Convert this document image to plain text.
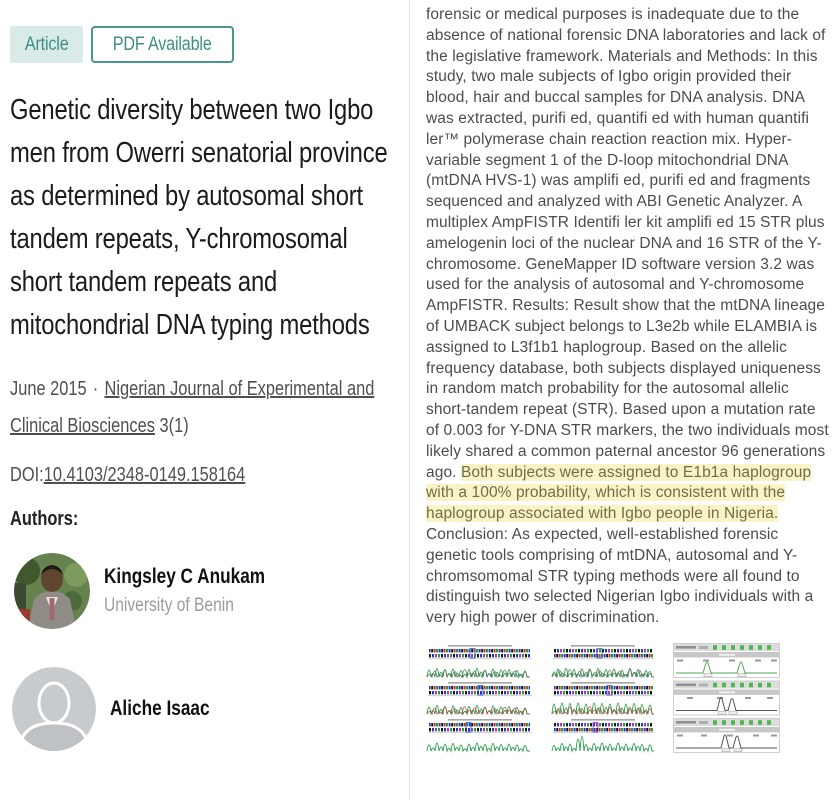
Article PDF Available
Genetic diversity between two Igbo men from Owerri senatorial province as determined by autosomal short tandem repeats, Y-chromosomal short tandem repeats and mitochondrial DNA typing methods
June 2015 · Nigerian Journal of Experimental and Clinical Biosciences 3(1)
DOI:10.4103/2348-0149.158164
Authors:
Kingsley C Anukam
University of Benin
Aliche Isaac

forensic or medical purposes is inadequate due to the absence of national forensic DNA laboratories and lack of the legislative framework. Materials and Methods: In this study, two male subjects of Igbo origin provided their blood, hair and buccal samples for DNA analysis. DNA was extracted, purifi ed, quantifi ed with human quantifi ler™ polymerase chain reaction reaction mix. Hyper-variable segment 1 of the D-loop mitochondrial DNA (mtDNA HVS-1) was amplifi ed, purifi ed and fragments sequenced and analyzed with ABI Genetic Analyzer. A multiplex AmpFISTR Identifi ler kit amplifi ed 15 STR plus amelogenin loci of the nuclear DNA and 16 STR of the Y-chromosome. GeneMapper ID software version 3.2 was used for the analysis of autosomal and Y-chromosome AmpFISTR. Results: Result show that the mtDNA lineage of UMBACK subject belongs to L3e2b while ELAMBIA is assigned to L3f1b1 haplogroup. Based on the allelic frequency database, both subjects displayed uniqueness in random match probability for the autosomal allelic short-tandem repeat (STR). Based upon a mutation rate of 0.003 for Y-DNA STR markers, the two individuals most likely shared a common paternal ancestor 96 generations ago. Both subjects were assigned to E1b1a haplogroup with a 100% probability, which is consistent with the haplogroup associated with Igbo people in Nigeria. Conclusion: As expected, well-established forensic genetic tools comprising of mtDNA, autosomal and Y-chromsomomal STR typing methods were all found to distinguish two selected Nigerian Igbo individuals with a very high power of discrimination.
